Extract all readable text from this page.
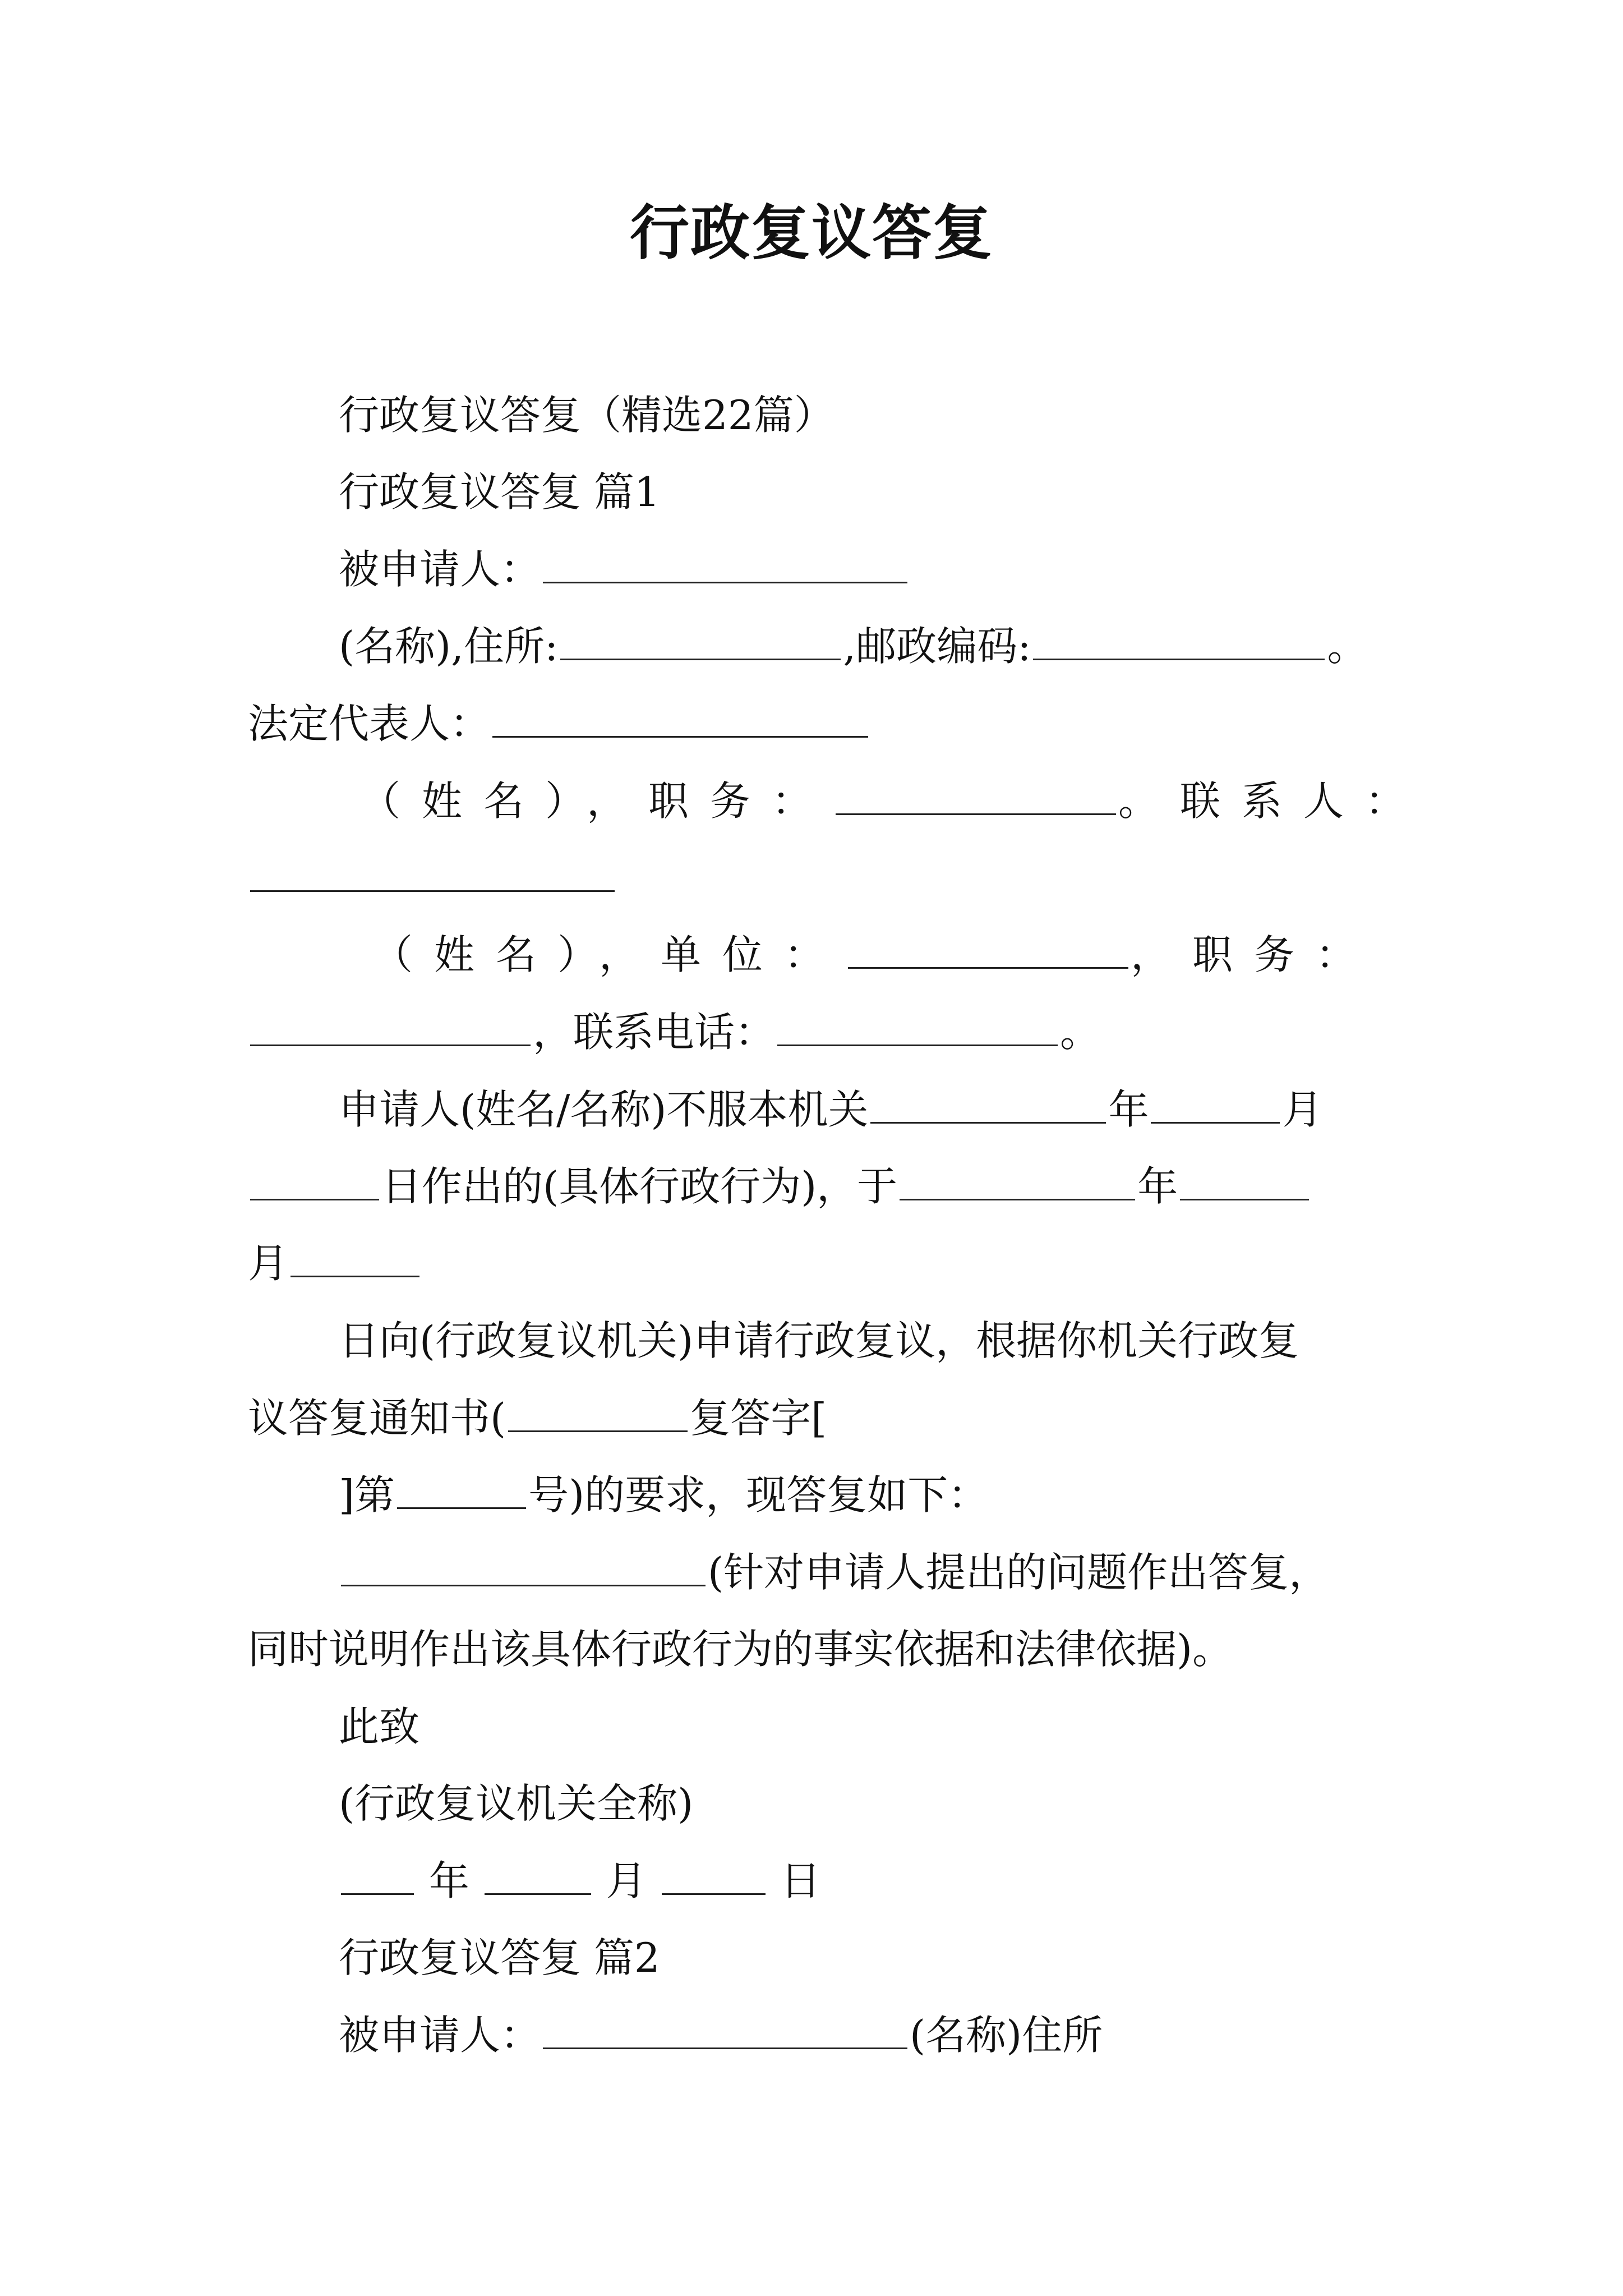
行政复议答复
行政复议答复（精选22篇）
行政复议答复 篇1
被申请人：
(名称),住所:	,邮政编码:	。
法定代表人：
（姓名），职务：	。联系人：
（姓名），单位：	，职务：
，联系电话：	。
申请人(姓名/名称)不服本机关	年	月
日作出的(具体行政行为)，于	年
月
日向(行政复议机关)申请行政复议，根据你机关行政复
议答复通知书(	复答字[
]第	号)的要求，现答复如下：
(针对申请人提出的问题作出答复，
同时说明作出该具体行政行为的事实依据和法律依据)。
此致
(行政复议机关全称)
年	月	日
行政复议答复 篇2
被申请人：	(名称)住所
